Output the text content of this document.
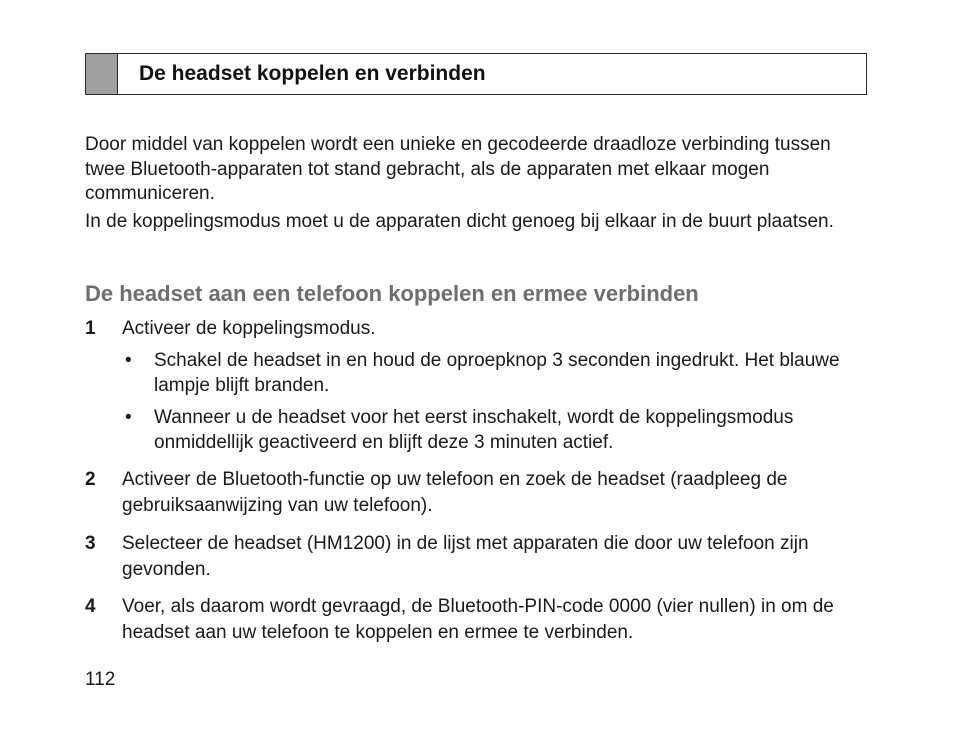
De headset koppelen en verbinden

Door middel van koppelen wordt een unieke en gecodeerde draadloze verbinding tussen twee Bluetooth-apparaten tot stand gebracht, als de apparaten met elkaar mogen communiceren.

In de koppelingsmodus moet u de apparaten dicht genoeg bij elkaar in de buurt plaatsen.

De headset aan een telefoon koppelen en ermee verbinden
1	Activeer de koppelingsmodus.
•	Schakel de headset in en houd de oproepknop 3 seconden ingedrukt. Het blauwe lampje blijft branden.
•	Wanneer u de headset voor het eerst inschakelt, wordt de koppelingsmodus onmiddellijk geactiveerd en blijft deze 3 minuten actief.
2	Activeer de Bluetooth-functie op uw telefoon en zoek de headset (raadpleeg de gebruiksaanwijzing van uw telefoon).
3	Selecteer de headset (HM1200) in de lijst met apparaten die door uw telefoon zijn gevonden.
4	Voer, als daarom wordt gevraagd, de Bluetooth-PIN-code 0000 (vier nullen) in om de headset aan uw telefoon te koppelen en ermee te verbinden.
112
